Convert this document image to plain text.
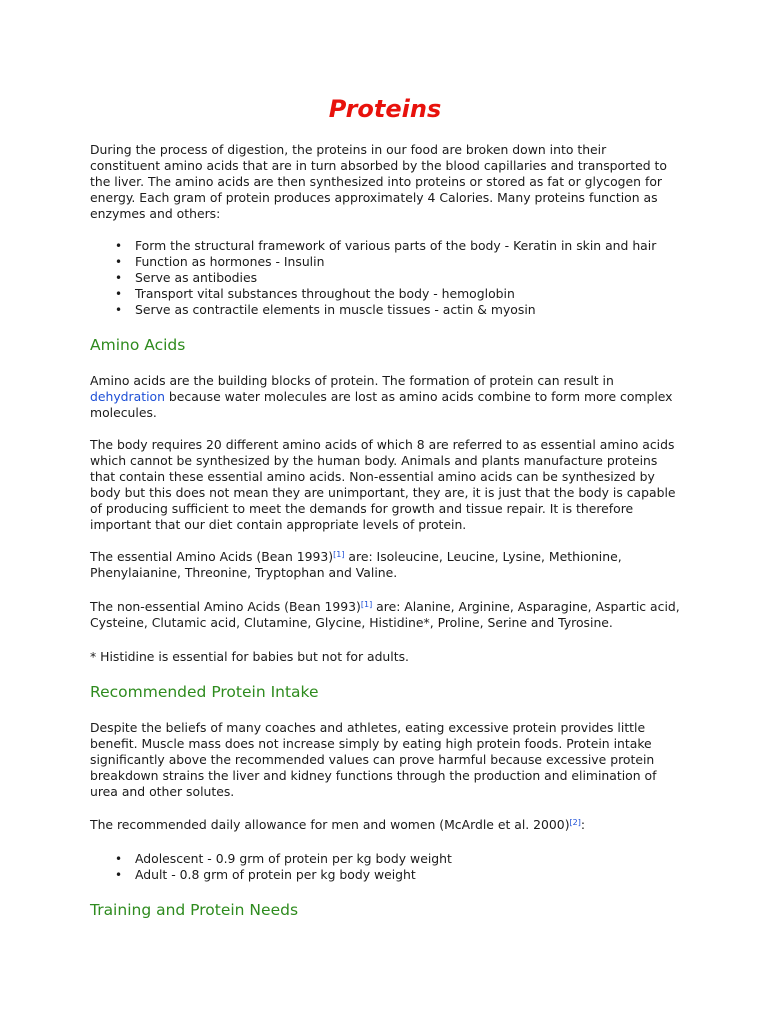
Proteins

During the process of digestion, the proteins in our food are broken down into their constituent amino acids that are in turn absorbed by the blood capillaries and transported to the liver. The amino acids are then synthesized into proteins or stored as fat or glycogen for energy. Each gram of protein produces approximately 4 Calories. Many proteins function as enzymes and others:

• Form the structural framework of various parts of the body - Keratin in skin and hair
• Function as hormones - Insulin
• Serve as antibodies
• Transport vital substances throughout the body - hemoglobin
• Serve as contractile elements in muscle tissues - actin & myosin
Amino Acids

Amino acids are the building blocks of protein. The formation of protein can result in dehydration because water molecules are lost as amino acids combine to form more complex molecules.

The body requires 20 different amino acids of which 8 are referred to as essential amino acids which cannot be synthesized by the human body. Animals and plants manufacture proteins that contain these essential amino acids. Non-essential amino acids can be synthesized by body but this does not mean they are unimportant, they are, it is just that the body is capable of producing sufficient to meet the demands for growth and tissue repair. It is therefore important that our diet contain appropriate levels of protein.

The essential Amino Acids (Bean 1993)[1] are: Isoleucine, Leucine, Lysine, Methionine, Phenylaianine, Threonine, Tryptophan and Valine.

The non-essential Amino Acids (Bean 1993)[1] are: Alanine, Arginine, Asparagine, Aspartic acid, Cysteine, Clutamic acid, Clutamine, Glycine, Histidine*, Proline, Serine and Tyrosine.

* Histidine is essential for babies but not for adults.

Recommended Protein Intake

Despite the beliefs of many coaches and athletes, eating excessive protein provides little benefit. Muscle mass does not increase simply by eating high protein foods. Protein intake significantly above the recommended values can prove harmful because excessive protein breakdown strains the liver and kidney functions through the production and elimination of urea and other solutes.

The recommended daily allowance for men and women (McArdle et al. 2000)[2]:

• Adolescent - 0.9 grm of protein per kg body weight
• Adult - 0.8 grm of protein per kg body weight
Training and Protein Needs
